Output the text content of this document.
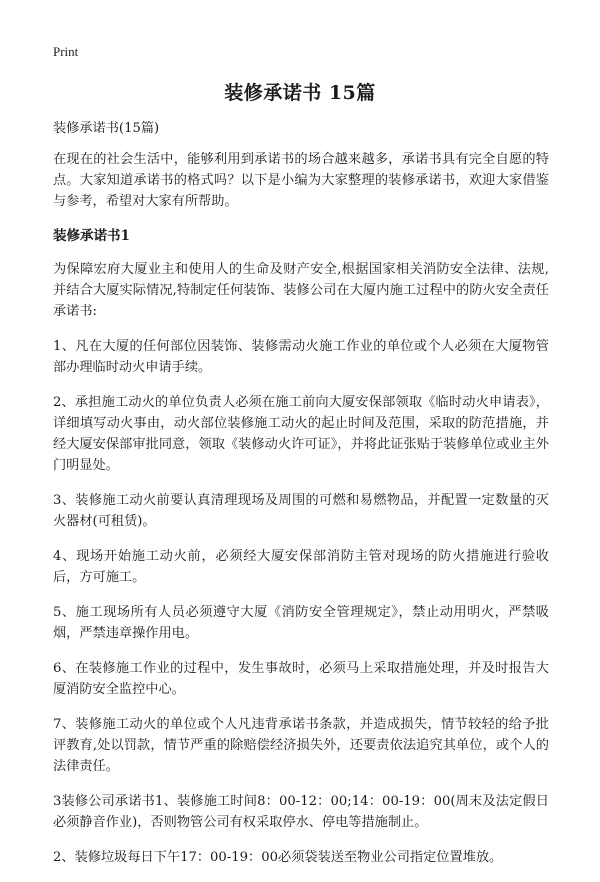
Print
装修承诺书 15篇

装修承诺书(15篇)

在现在的社会生活中，能够利用到承诺书的场合越来越多，承诺书具有完全自愿的特点。大家知道承诺书的格式吗？以下是小编为大家整理的装修承诺书，欢迎大家借鉴与参考，希望对大家有所帮助。

装修承诺书1

为保障宏府大厦业主和使用人的生命及财产安全,根据国家相关消防安全法律、法规,并结合大厦实际情况,特制定任何装饰、装修公司在大厦内施工过程中的防火安全责任承诺书:

1、凡在大厦的任何部位因装饰、装修需动火施工作业的单位或个人必须在大厦物管部办理临时动火申请手续。

2、承担施工动火的单位负责人必须在施工前向大厦安保部领取《临时动火申请表》，详细填写动火事由，动火部位装修施工动火的起止时间及范围，采取的防范措施，并经大厦安保部审批同意，领取《装修动火许可证》，并将此证张贴于装修单位或业主外门明显处。

3、装修施工动火前要认真清理现场及周围的可燃和易燃物品，并配置一定数量的灭火器材(可租赁)。

4、现场开始施工动火前，必须经大厦安保部消防主管对现场的防火措施进行验收后，方可施工。

5、施工现场所有人员必须遵守大厦《消防安全管理规定》，禁止动用明火，严禁吸烟，严禁违章操作用电。

6、在装修施工作业的过程中，发生事故时，必须马上采取措施处理，并及时报告大厦消防安全监控中心。

7、装修施工动火的单位或个人凡违背承诺书条款，并造成损失，情节较轻的给予批评教育,处以罚款，情节严重的除赔偿经济损失外，还要责依法追究其单位，或个人的法律责任。

3装修公司承诺书1、装修施工时间8：00-12：00;14：00-19：00(周末及法定假日必须静音作业)，否则物管公司有权采取停水、停电等措施制止。

2、装修垃圾每日下午17：00-19：00必须袋装送至物业公司指定位置堆放。
